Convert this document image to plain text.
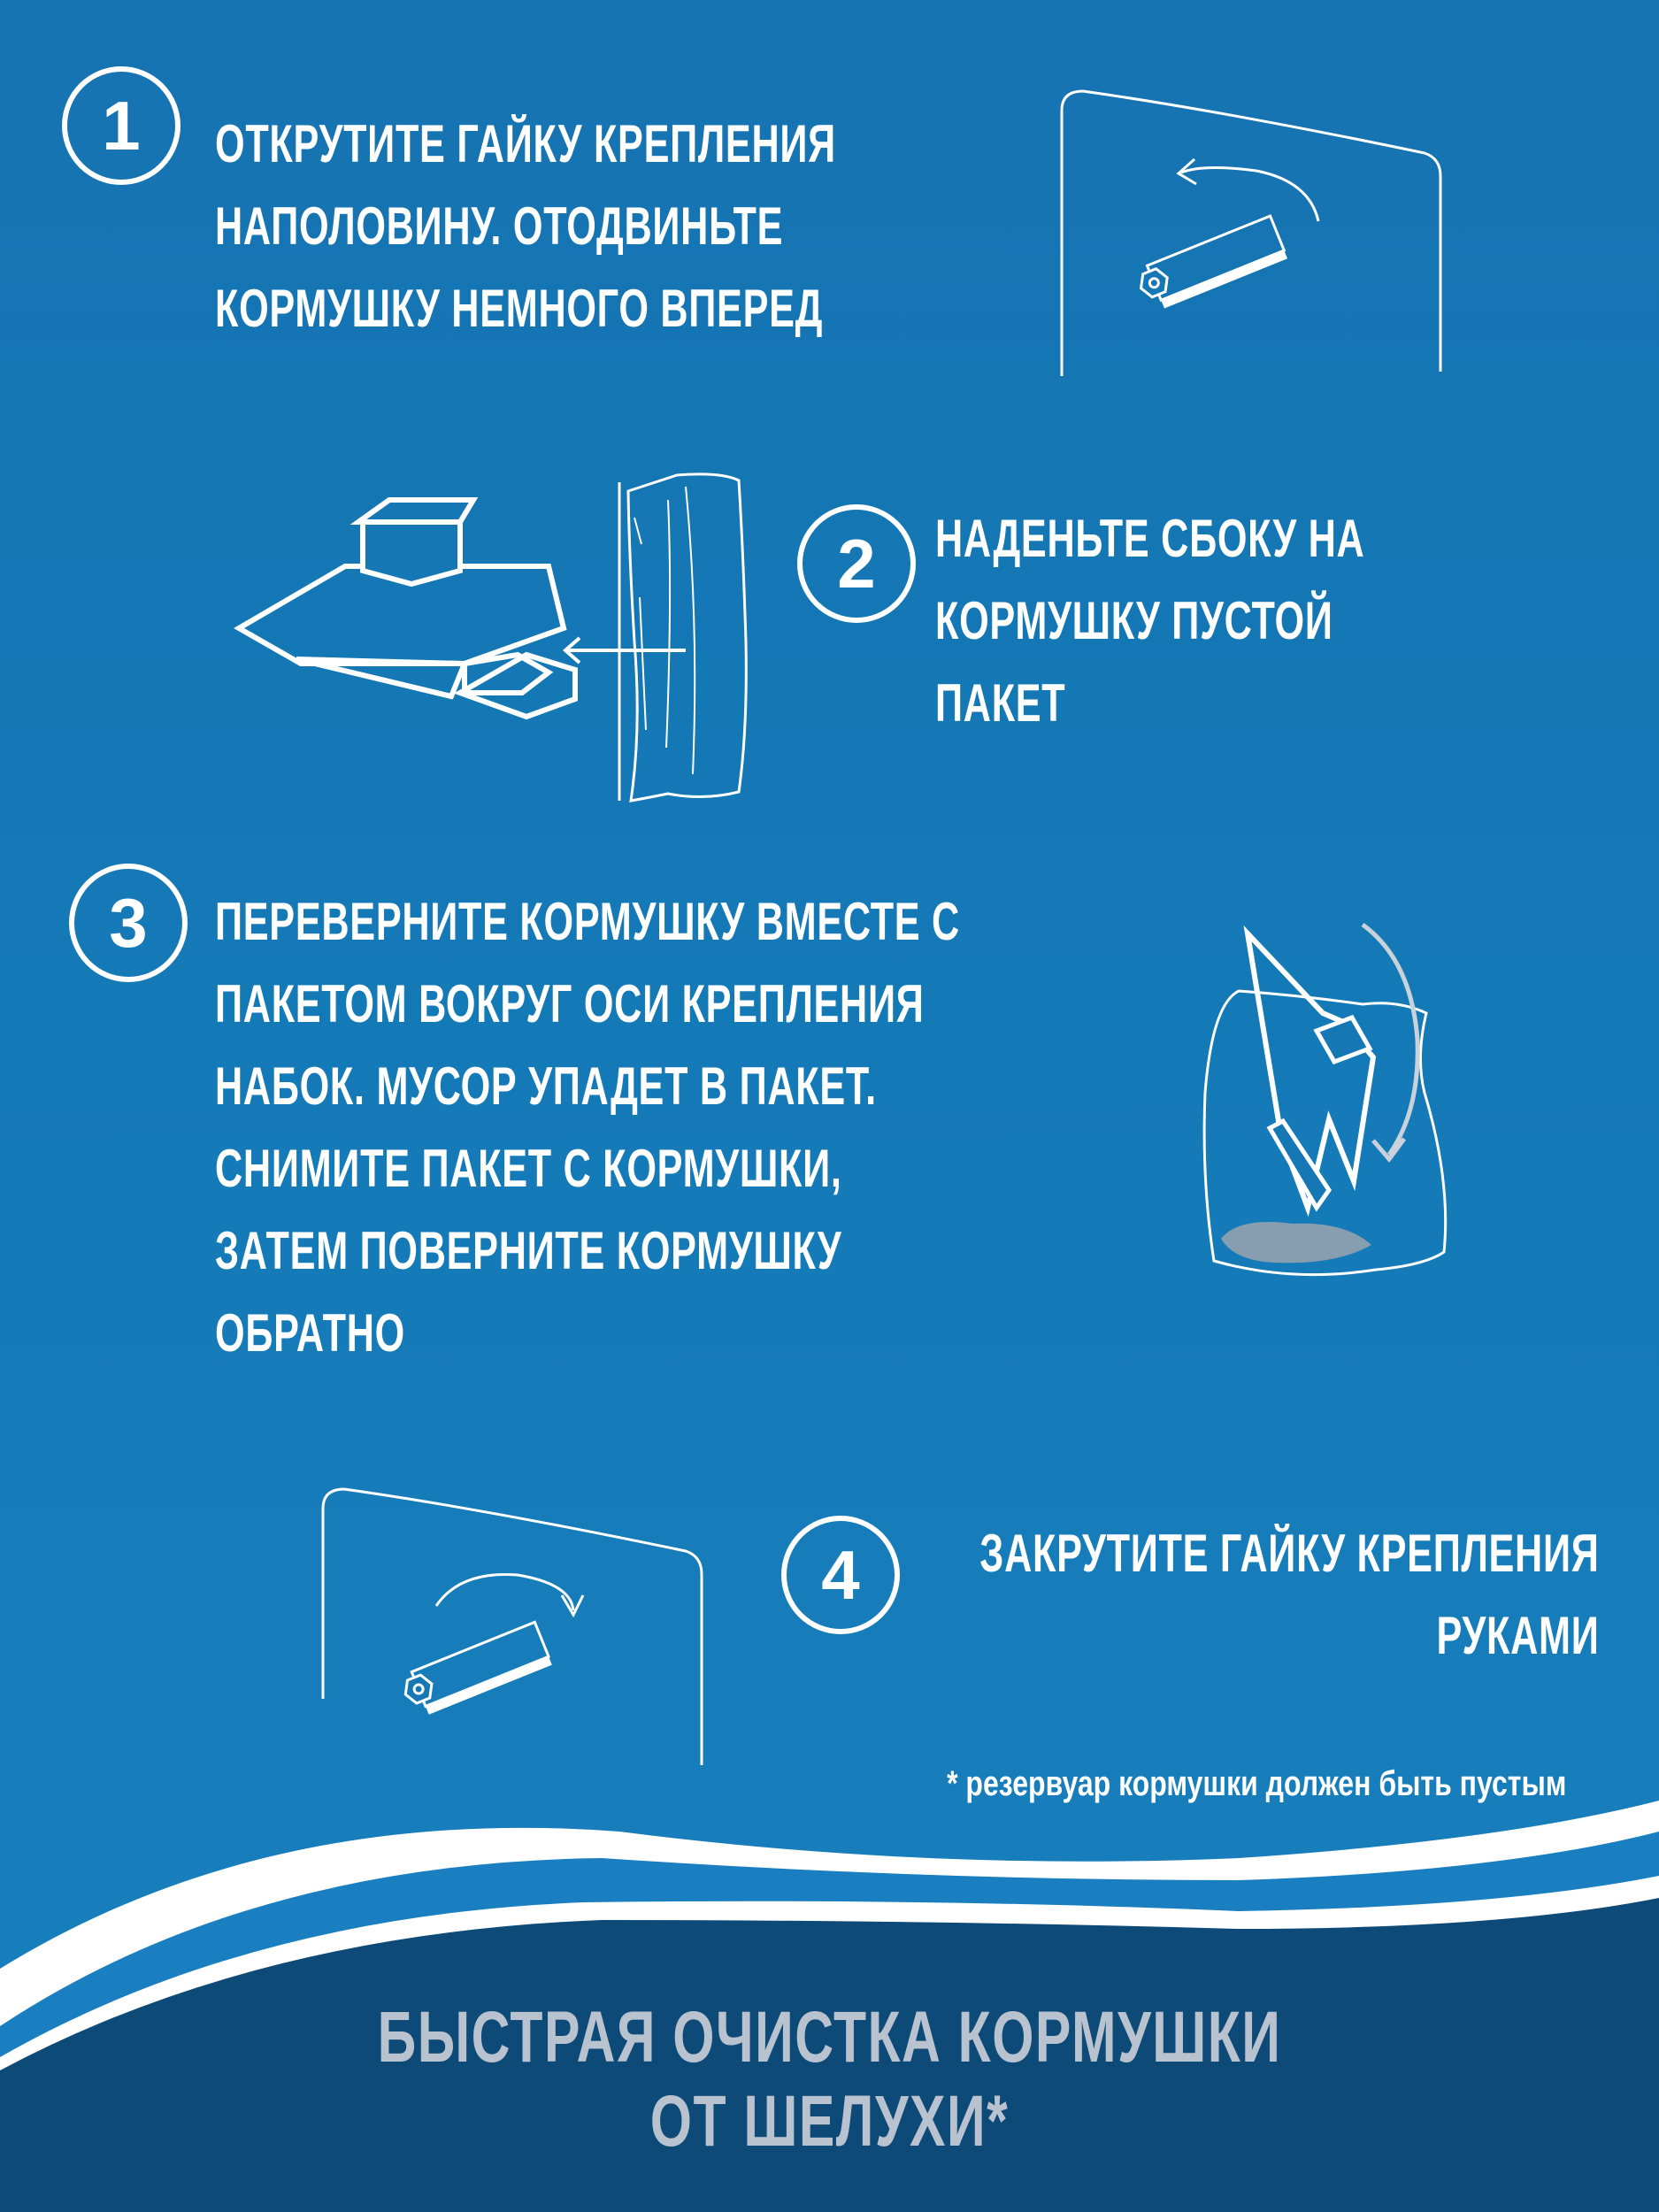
1	ОТКРУТИТЕ ГАЙКУ КРЕПЛЕНИЯ
НАПОЛОВИНУ. ОТОДВИНЬТЕ
КОРМУШКУ НЕМНОГО ВПЕРЕД

2	НАДЕНЬТЕ СБОКУ НА
КОРМУШКУ ПУСТОЙ ПАКЕТ

3	ПЕРЕВЕРНИТЕ КОРМУШКУ ВМЕСТЕ С
ПАКЕТОМ ВОКРУГ ОСИ КРЕПЛЕНИЯ
НАБОК. МУСОР УПАДЕТ В ПАКЕТ.
СНИМИТЕ ПАКЕТ С КОРМУШКИ,
ЗАТЕМ ПОВЕРНИТЕ КОРМУШКУ
ОБРАТНО

4	ЗАКРУТИТЕ ГАЙКУ КРЕПЛЕНИЯ
РУКАМИ

* резервуар кормушки должен быть пустым

БЫСТРАЯ ОЧИСТКА КОРМУШКИ
ОТ ШЕЛУХИ*
